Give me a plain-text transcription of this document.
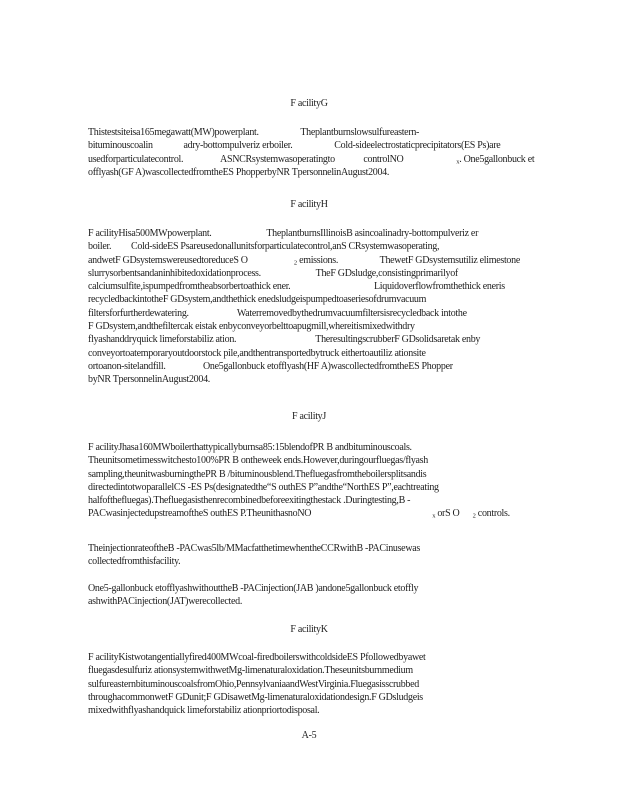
F acilityG
Thistestsiteisa165megawatt(MW)powerplant.                   Theplantburnslowsulfureastern-
bituminouscoalin              adry-bottompulveriz erboiler.                   Cold-sideelectrostaticprecipitators(ES Ps)are
usedforparticulatecontrol.                 ASNCRsystemwasoperatingto             controlNO                        $_x$. One5gallonbuck et
offlyash(GF A)wascollectedfromtheES PhopperbyNR TpersonnelinAugust2004.
F acilityH
F acilityHisa500MWpowerplant.                         TheplantburnsIllinoisB asincoalinadry-bottompulveriz er
boiler.         Cold-sideES Psareusedonallunitsforparticulatecontrol,anS CRsystemwasoperating,
andwetF GDsystemswereusedtoreduceS O                     $_2$ emissions.                   ThewetF GDsystemsutiliz elimestone
slurrysorbentsandaninhibitedoxidationprocess.                         TheF GDsludge,consistingprimarilyof
calciumsulfite,ispumpedfromtheabsorbertoathick ener.                                      Liquidoverflowfromthethick eneris
recycledbackintotheF GDsystem,andthethick enedsludgeispumpedtoaseriesofdrumvacuum
filtersforfurtherdewatering.                      Waterremovedbythedrumvacuumfiltersisrecycledback intothe
F GDsystem,andthefiltercak eistak enbyconveyorbelttoapugmill,whereitismixedwithdry
flyashanddryquick limeforstabiliz ation.                                    TheresultingscrubberF GDsolidsaretak enby
conveyortoatemporaryoutdoorstock pile,andthentransportedbytruck eithertoautiliz ationsite
ortoanon-sitelandfill.                 One5gallonbuck etofflyash(HF A)wascollectedfromtheES Phopper
byNR TpersonnelinAugust2004.
F acilityJ
F acilityJhasa160MWboilerthattypicallyburnsa85:15blendofPR B andbituminouscoals.
Theunitsometimesswitchesto100%PR B ontheweek ends.However,duringourfluegas/flyash
sampling,theunitwasburningthePR B /bituminousblend.Thefluegasfromtheboilersplitsandis
directedintotwoparallelCS -ES Ps(designatedthe“S outhES P”andthe“NorthES P”,eachtreating
halfofthefluegas).Thefluegasisthenrecombinedbeforeexitingthestack .Duringtesting,B -
PACwasinjectedupstreamoftheS outhES P.TheunithasnoNO                                                       $_x$ orS O      $_2$ controls.
TheinjectionrateoftheB -PACwas5lb/MMacfatthetimewhentheCCRwithB -PACinusewas
collectedfromthisfacility.
One5-gallonbuck etofflyashwithouttheB -PACinjection(JAB )andone5gallonbuck etoffly
ashwithPACinjection(JAT)werecollected.
F acilityK
F acilityKistwotangentiallyfired400MWcoal-firedboilerswithcoldsideES Pfollowedbyawet
fluegasdesulfuriz ationsystemwithwetMg-limenaturaloxidation.Theseunitsburnmedium
sulfureasternbituminouscoalsfromOhio,PennsylvaniaandWestVirginia.Fluegasisscrubbed
throughacommonwetF GDunit;F GDisawetMg-limenaturaloxidationdesign.F GDsludgeis
mixedwithflyashandquick limeforstabiliz ationpriortodisposal.
A-5
